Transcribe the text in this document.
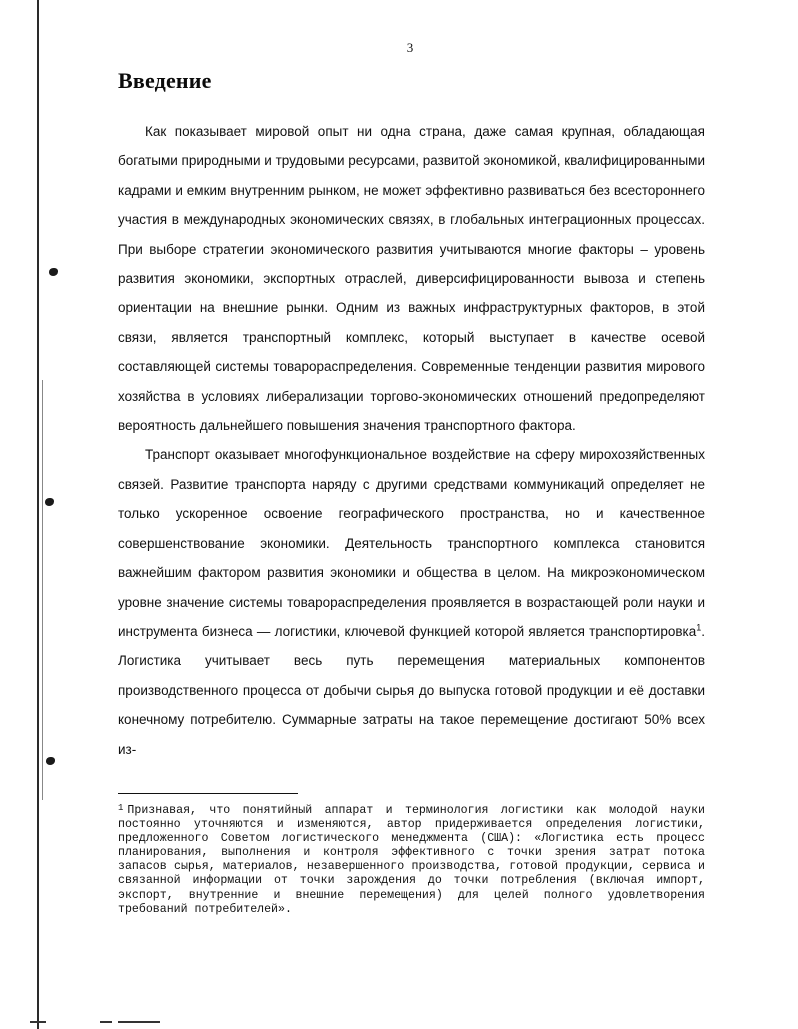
3
Введение

Как показывает мировой опыт ни одна страна, даже самая крупная, обладающая богатыми природными и трудовыми ресурсами, развитой экономикой, квалифицированными кадрами и емким внутренним рынком, не может эффективно развиваться без всестороннего участия в международных экономических связях, в глобальных интеграционных процессах. При выборе стратегии экономического развития учитываются многие факторы – уровень развития экономики, экспортных отраслей, диверсифицированности вывоза и степень ориентации на внешние рынки. Одним из важных инфраструктурных факторов, в этой связи, является транспортный комплекс, который выступает в качестве осевой составляющей системы товарораспределения. Современные тенденции развития мирового хозяйства в условиях либерализации торгово-экономических отношений предопределяют вероятность дальнейшего повышения значения транспортного фактора.

Транспорт оказывает многофункциональное воздействие на сферу мирохозяйственных связей. Развитие транспорта наряду с другими средствами коммуникаций определяет не только ускоренное освоение географического пространства, но и качественное совершенствование экономики. Деятельность транспортного комплекса становится важнейшим фактором развития экономики и общества в целом. На микроэкономическом уровне значение системы товарораспределения проявляется в возрастающей роли науки и инструмента бизнеса — логистики, ключевой функцией которой является транспортировка$^1$. Логистика учитывает весь путь перемещения материальных компонентов производственного процесса от добычи сырья до выпуска готовой продукции и её доставки конечному потребителю. Суммарные затраты на такое перемещение достигают 50% всех из-

$^1$ Признавая, что понятийный аппарат и терминология логистики как молодой науки постоянно уточняются и изменяются, автор придерживается определения логистики, предложенного Советом логистического менеджмента (США): «Логистика есть процесс планирования, выполнения и контроля эффективного с точки зрения затрат потока запасов сырья, материалов, незавершенного производства, готовой продукции, сервиса и связанной информации от точки зарождения до точки потребления (включая импорт, экспорт, внутренние и внешние перемещения) для целей полного удовлетворения требований потребителей».
